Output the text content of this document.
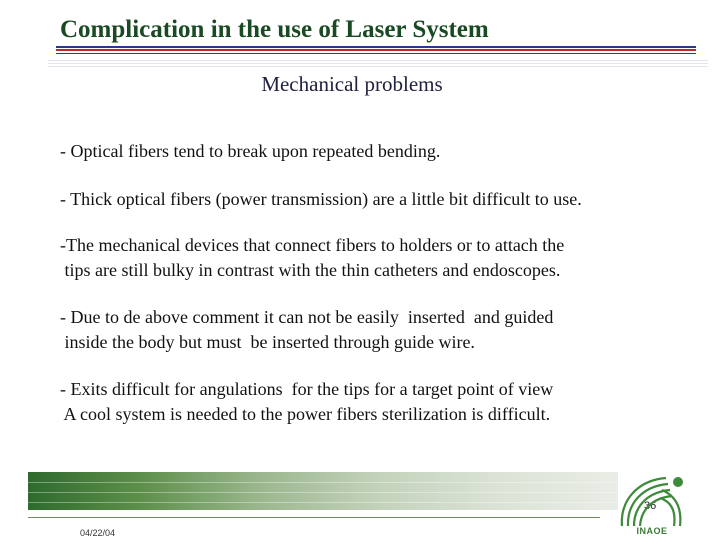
Complication in the use of Laser System
Mechanical problems
- Optical fibers tend to break upon repeated bending.
- Thick optical fibers (power transmission) are a little bit difficult to use.
-The mechanical devices that connect fibers to holders or to attach the
tips are still bulky in contrast with the thin catheters and endoscopes.
- Due to de above comment it can not be easily  inserted  and guided
inside the body but must  be inserted through guide wire.
- Exits difficult for angulations  for the tips for a target point of view
A cool system is needed to the power fibers sterilization is difficult.
36
04/22/04	INAOE
